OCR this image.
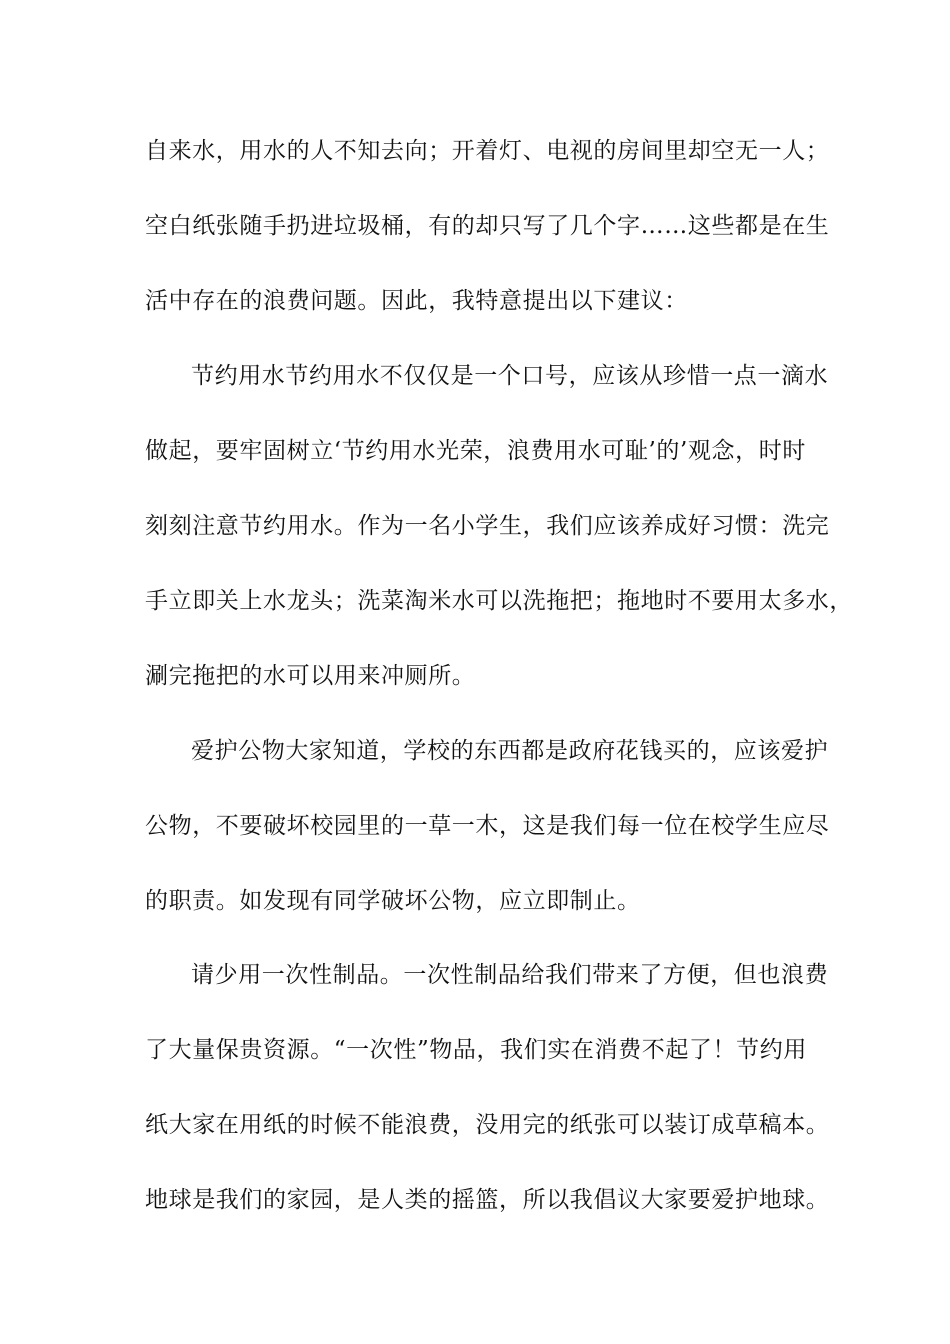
自来水，用水的人不知去向；开着灯、电视的房间里却空无一人；
空白纸张随手扔进垃圾桶，有的却只写了几个字……这些都是在生
活中存在的浪费问题。因此，我特意提出以下建议：
节约用水节约用水不仅仅是一个口号，应该从珍惜一点一滴水
做起，要牢固树立‘节约用水光荣，浪费用水可耻’的’观念，时时
刻刻注意节约用水。作为一名小学生，我们应该养成好习惯：洗完
手立即关上水龙头；洗菜淘米水可以洗拖把；拖地时不要用太多水，
涮完拖把的水可以用来冲厕所。
爱护公物大家知道，学校的东西都是政府花钱买的，应该爱护
公物，不要破坏校园里的一草一木，这是我们每一位在校学生应尽
的职责。如发现有同学破坏公物，应立即制止。
请少用一次性制品。一次性制品给我们带来了方便，但也浪费
了大量保贵资源。“一次性”物品，我们实在消费不起了！节约用
纸大家在用纸的时候不能浪费，没用完的纸张可以装订成草稿本。
地球是我们的家园，是人类的摇篮，所以我倡议大家要爱护地球。
